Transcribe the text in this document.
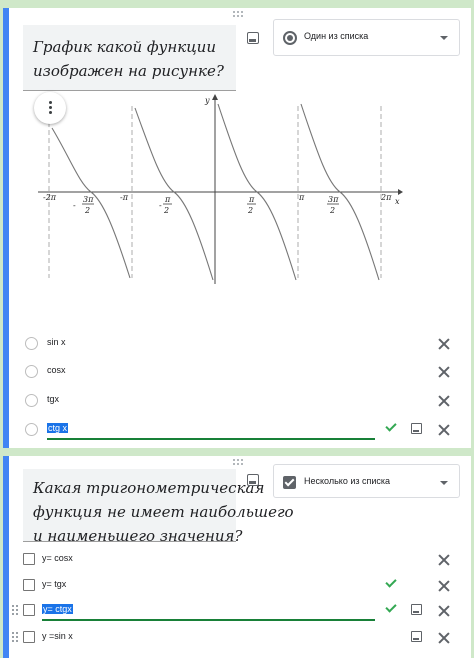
График какой функции
изображен на рисунке?
Один из списка
y
x
-2π
-
3π
2
-π
-
π
2
π
2
π	3π
2
2π
sin x
cosx
tgx
ctg x
Какая тригонометрическая
функция не имеет наибольшего
и наименьшего значения?
Несколько из списка
y= cosx
y= tgx
y= ctgx
y =sin x
